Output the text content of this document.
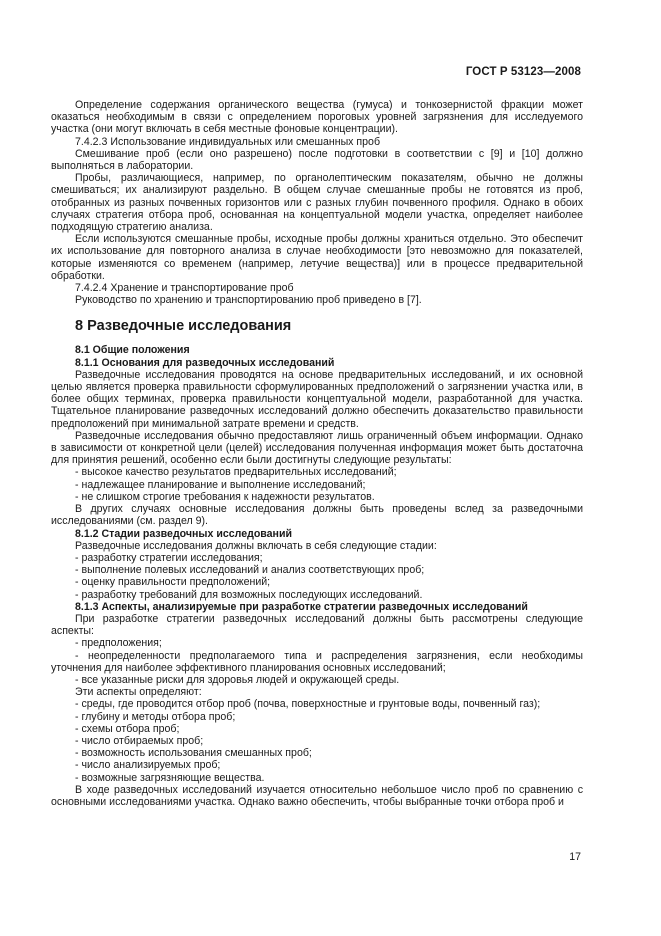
ГОСТ Р 53123—2008

Определение содержания органического вещества (гумуса) и тонкозернистой фракции может оказаться необходимым в связи с определением пороговых уровней загрязнения для исследуемого участка (они могут включать в себя местные фоновые концентрации).

7.4.2.3 Использование индивидуальных или смешанных проб

Смешивание проб (если оно разрешено) после подготовки в соответствии с [9] и [10] должно выполняться в лаборатории.

Пробы, различающиеся, например, по органолептическим показателям, обычно не должны смешиваться; их анализируют раздельно. В общем случае смешанные пробы не готовятся из проб, отобранных из разных почвенных горизонтов или с разных глубин почвенного профиля. Однако в обоих случаях стратегия отбора проб, основанная на концептуальной модели участка, определяет наиболее подходящую стратегию анализа.

Если используются смешанные пробы, исходные пробы должны храниться отдельно. Это обеспечит их использование для повторного анализа в случае необходимости [это невозможно для показателей, которые изменяются со временем (например, летучие вещества)] или в процессе предварительной обработки.

7.4.2.4 Хранение и транспортирование проб

Руководство по хранению и транспортированию проб приведено в [7].

8 Разведочные исследования

8.1 Общие положения

8.1.1 Основания для разведочных исследований

Разведочные исследования проводятся на основе предварительных исследований, и их основной целью является проверка правильности сформулированных предположений о загрязнении участка или, в более общих терминах, проверка правильности концептуальной модели, разработанной для участка. Тщательное планирование разведочных исследований должно обеспечить доказательство правильности предположений при минимальной затрате времени и средств.

Разведочные исследования обычно предоставляют лишь ограниченный объем информации. Однако в зависимости от конкретной цели (целей) исследования полученная информация может быть достаточна для принятия решений, особенно если были достигнуты следующие результаты:

- высокое качество результатов предварительных исследований;

- надлежащее планирование и выполнение исследований;

- не слишком строгие требования к надежности результатов.

В других случаях основные исследования должны быть проведены вслед за разведочными исследованиями (см. раздел 9).

8.1.2 Стадии разведочных исследований

Разведочные исследования должны включать в себя следующие стадии:

- разработку стратегии исследования;

- выполнение полевых исследований и анализ соответствующих проб;

- оценку правильности предположений;

- разработку требований для возможных последующих исследований.

8.1.3 Аспекты, анализируемые при разработке стратегии разведочных исследований

При разработке стратегии разведочных исследований должны быть рассмотрены следующие аспекты:

- предположения;

- неопределенности предполагаемого типа и распределения загрязнения, если необходимы уточнения для наиболее эффективного планирования основных исследований;

- все указанные риски для здоровья людей и окружающей среды.

Эти аспекты определяют:

- среды, где проводится отбор проб (почва, поверхностные и грунтовые воды, почвенный газ);

- глубину и методы отбора проб;

- схемы отбора проб;

- число отбираемых проб;

- возможность использования смешанных проб;

- число анализируемых проб;

- возможные загрязняющие вещества.

В ходе разведочных исследований изучается относительно небольшое число проб по сравнению с основными исследованиями участка. Однако важно обеспечить, чтобы выбранные точки отбора проб и

17
